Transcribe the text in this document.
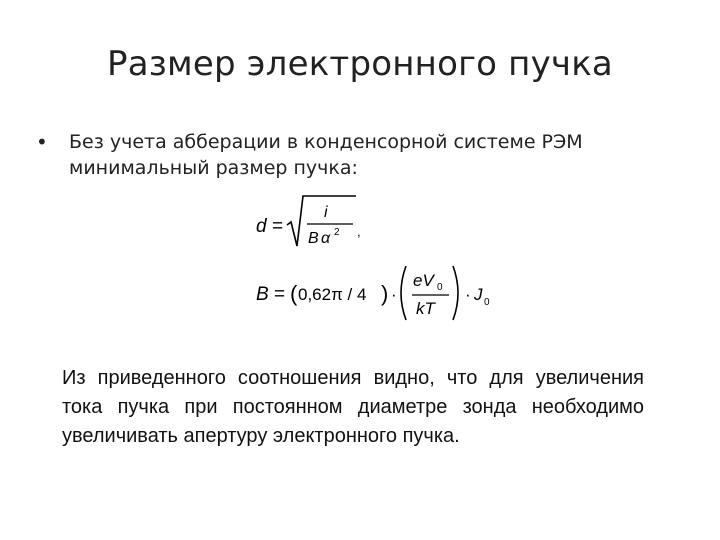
Размер электронного пучка
• Без учета абберации в конденсорной системе РЭМ минимальный размер пучка:
d =
i
B α 2 ,
B = ( 0,62π / 4 ) ·
eV 0
kT
· J 0
Из приведенного соотношения видно, что для увеличения тока пучка при постоянном диаметре зонда необходимо увеличивать апертуру электронного пучка.
